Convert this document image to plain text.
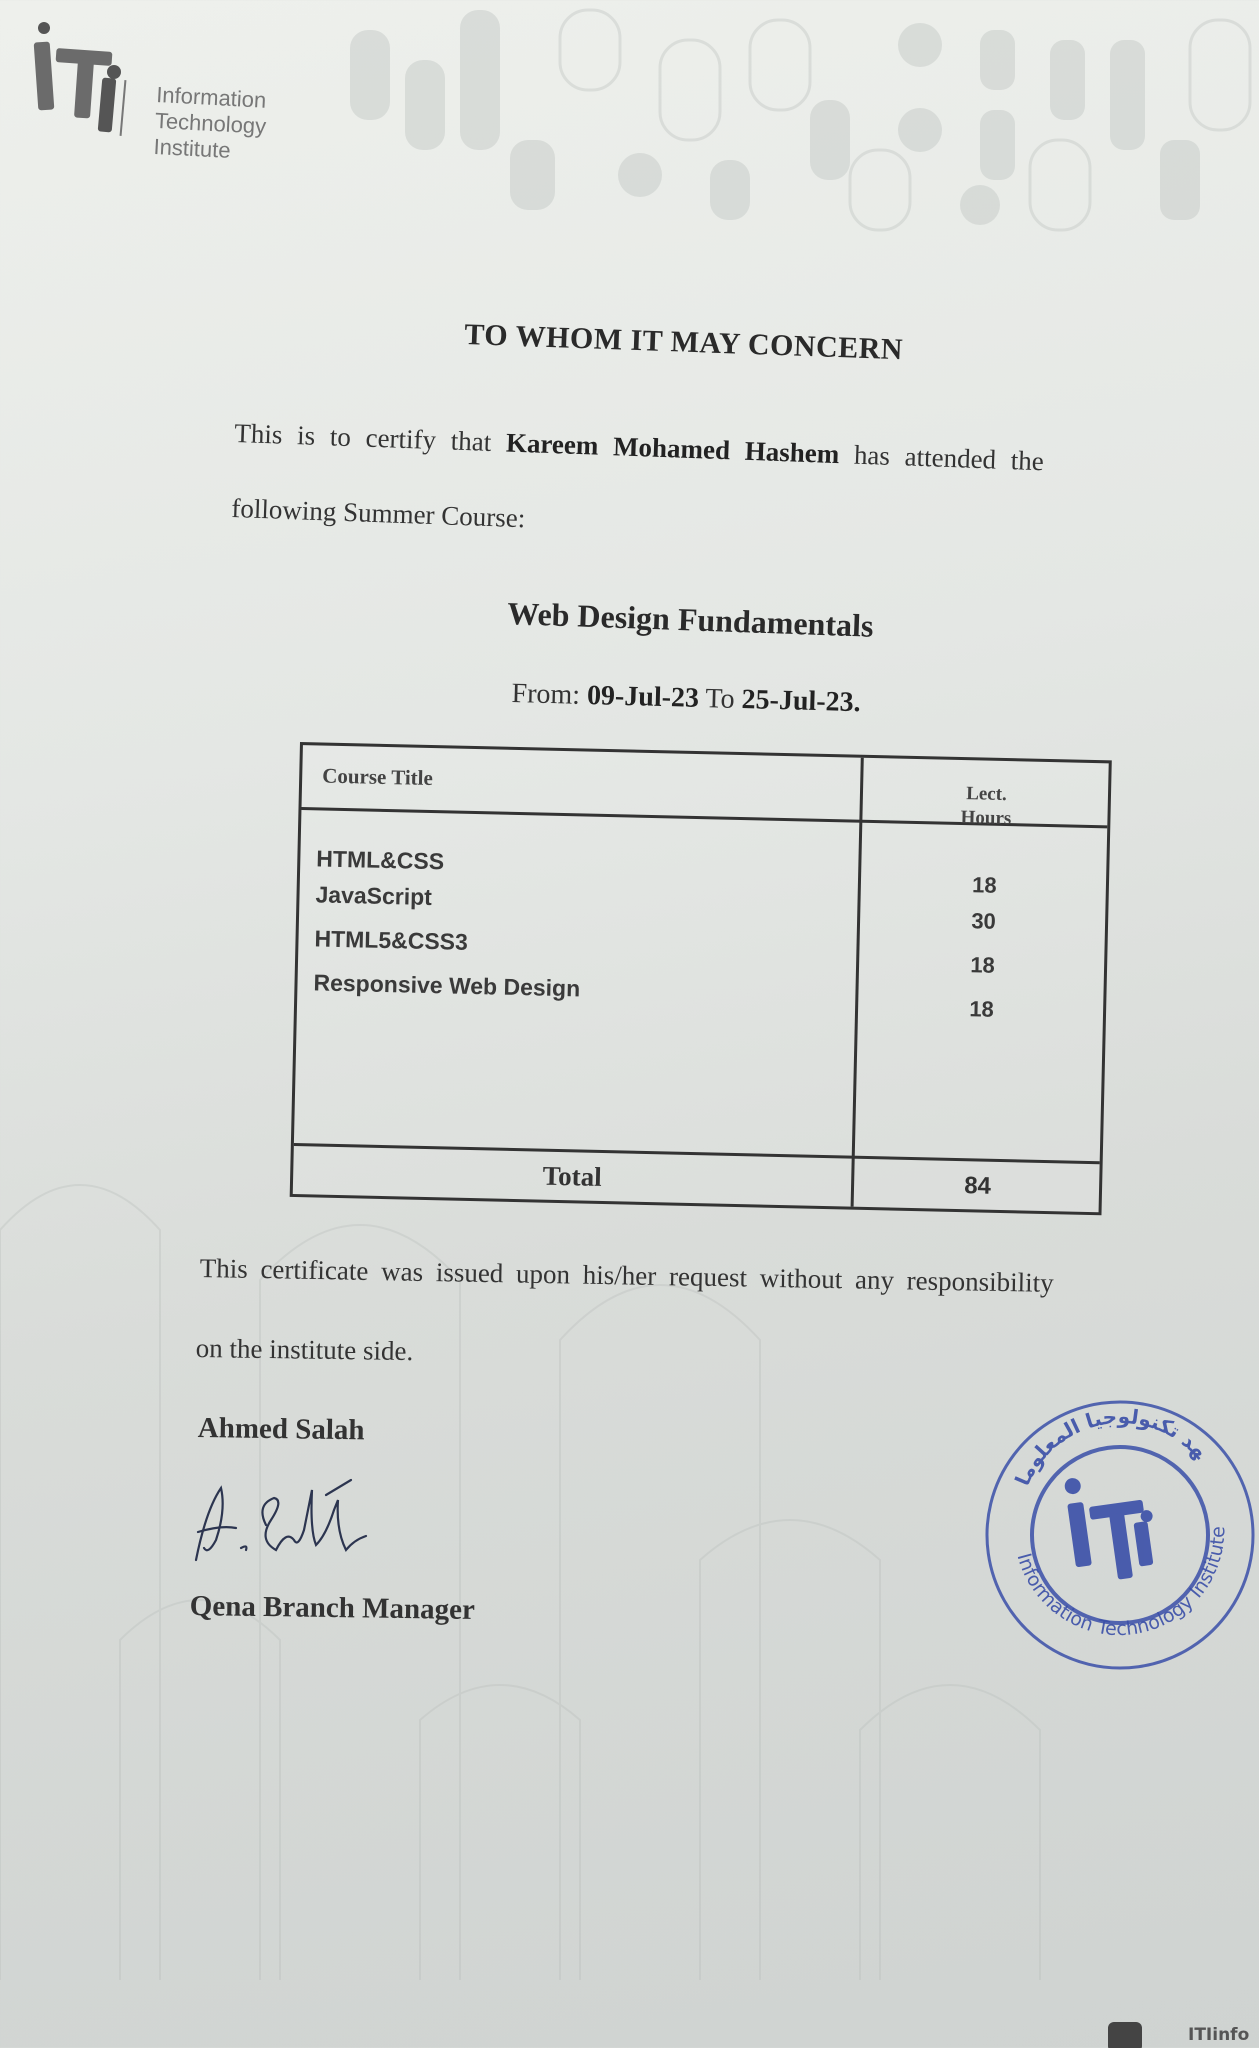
Information
Technology
Institute
TO WHOM IT MAY CONCERN
This is to certify that Kareem Mohamed Hashem has attended the
following Summer Course:
Web Design Fundamentals
From: 09-Jul-23 To 25-Jul-23.
Course Title
Lect.
Hours
HTML&CSS
18
JavaScript
30
HTML5&CSS3
18
Responsive Web Design
18
Total	84
This certificate was issued upon his/her request without any responsibility
on the institute side.
Ahmed Salah
Qena Branch Manager
Information Technology Institute
معهد تكنولوجيا المعلومات
ITIinfo
